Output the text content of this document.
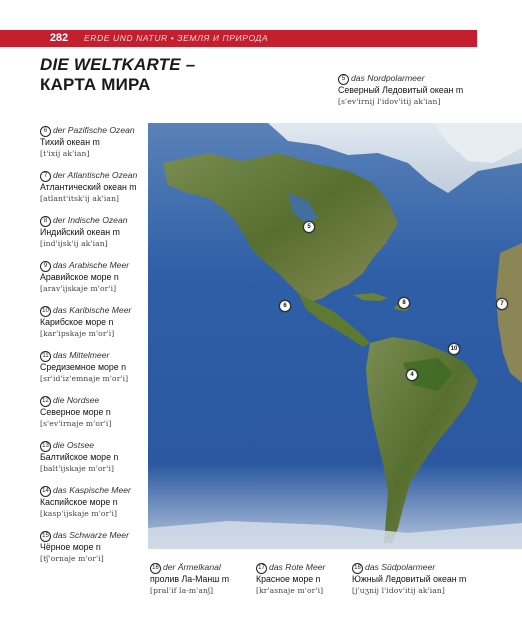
282	ERDE UND NATUR • ЗЕМЛЯ И ПРИРОДА
DIE WELTKARTE –
КАРТА МИРА	5 das Nordpolarmeer
Северный Ледовитый океан m
[s'ev'irnij l'idov'itij ak'ian]
6 der Pazifische Ozean
Тихий океан m
[t'ixij ak'ian]
7 der Atlantische Ozean
Атлантический океан m
[atlant'itsk'ij ak'ian]
8 der Indische Ozean
Индийский океан m
[ind'ijsk'ij ak'ian]
9 das Arabische Meer
Аравийское море n
[arav'ijskaje m'or'i]
10 das Karibische Meer
Карибское море n
[kar'ipskaje m'or'i]
11 das Mittelmeer
Средиземное море n
[sr'id'iz'emnaje m'or'i]
12 die Nordsee
Северное море n
[s'ev'irnaje m'or'i]
13 die Ostsee
Балтийское море n
[balt'ijskaje m'or'i]
14 das Kaspische Meer
Каспийское море n
[kasp'ijskaje m'or'i]
15 das Schwarze Meer
Чёрное море n
[tʃ'ornaje m'or'i]
5
6	7
8
10
4
16 der Ärmelkanal
пролив Ла-Манш m
[pral'if la-m'anʃ]
17 das Rote Meer
Красное море n
[kr'asnaje m'or'i]
18 das Südpolarmeer
Южный Ледовитый океан m
[j'uʒnij l'idov'itij ak'ian]
